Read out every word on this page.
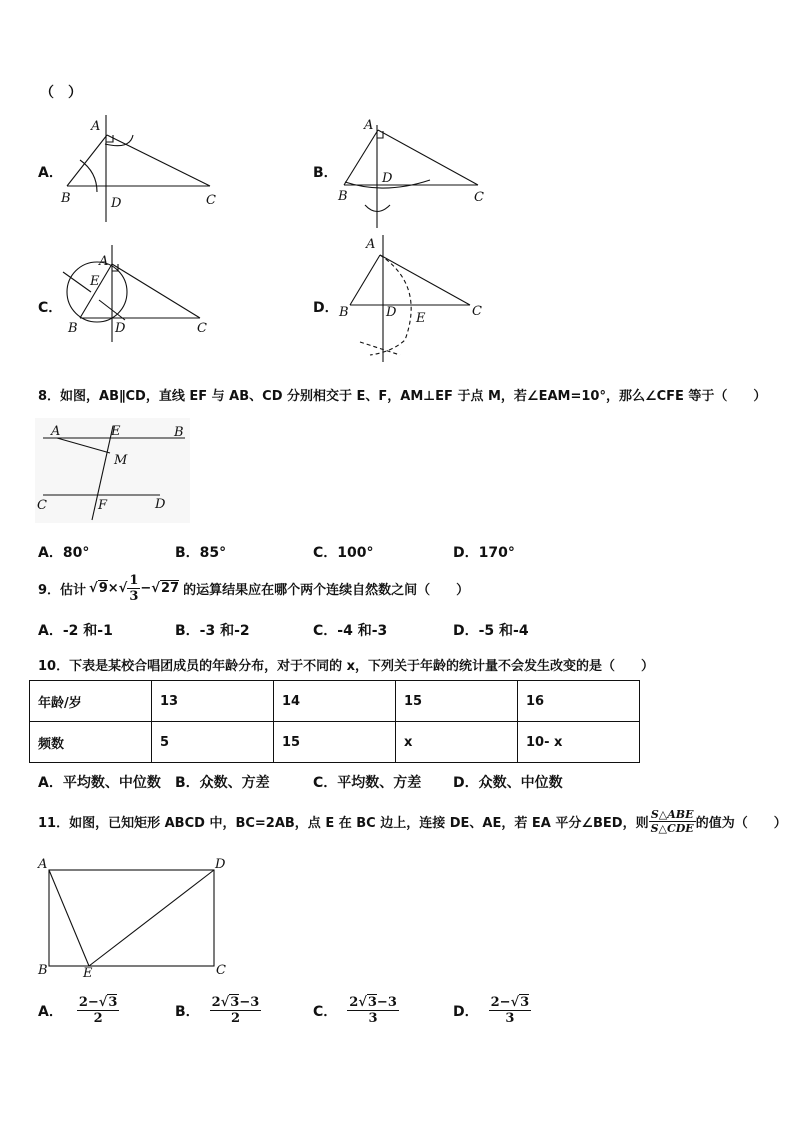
（　）
A．	B．
C．	D．
A
B	D	C
A
B
D
C
A
E
B	D	C
A
B	D E	C
8．如图，AB∥CD，直线 EF 与 AB、CD 分别相交于 E、F，AM⊥EF 于点 M，若∠EAM=10°，那么∠CFE 等于（　　）
A	E	B
M
C	F	D
A．80°	B．85°	C．100°	D．170°
9．估计 √9 × √ $\frac{1}{3} - √27$ 的运算结果应在哪个两个连续自然数之间（　　）
A．-2 和-1	B．-3 和-2	C．-4 和-3	D．-5 和-4
10．下表是某校合唱团成员的年龄分布，对于不同的 x，下列关于年龄的统计量不会发生改变的是（　　）
年龄/岁	13	14	15	16
频数	5	15	x	10- x
A．平均数、中位数 B．众数、方差	C．平均数、方差 D．众数、中位数
11．如图，已知矩形 ABCD 中，BC=2AB，点 E 在 BC 边上，连接 DE、AE，若 EA 平分∠BED，则 $\frac{\text{S△ABE}}{\text{S△CDE}}$ 的值为（　　）
A	D
B	E	C
A． $\frac{2-√3}{2}$	B． $\frac{2√3-3}{2}$	C． $\frac{2√3-3}{3}$	D． $\frac{2-√3}{3}$
